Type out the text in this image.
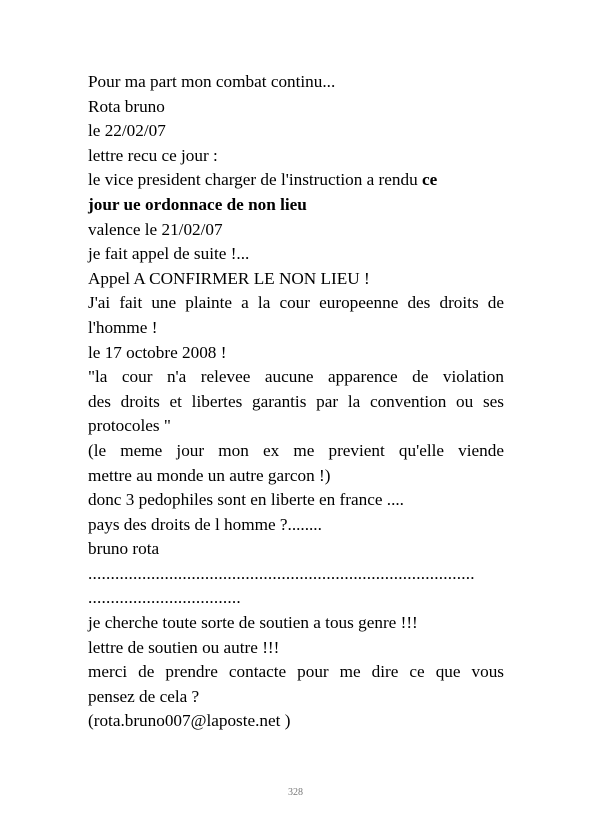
Pour ma part mon combat continu...
Rota bruno
le 22/02/07
lettre recu ce jour :
le vice president charger de l'instruction a rendu ce
jour ue ordonnace de non lieu
valence le 21/02/07
je fait appel de suite !...
Appel A CONFIRMER LE NON LIEU !
J'ai fait une plainte a la cour europeenne des droits de
l'homme !
le 17 octobre 2008 !
"la cour n'a relevee aucune apparence de violation
des droits et libertes garantis par la convention ou ses
protocoles "
(le meme jour mon ex me previent qu'elle viende
mettre au monde un autre garcon !)
donc 3 pedophiles sont en liberte en france ....
pays des droits de l homme ?........
bruno rota
......................................................................................
..................................
je cherche toute sorte de soutien a tous genre !!!
lettre de soutien ou autre !!!
merci de prendre contacte pour me dire ce que vous
pensez de cela ?
(rota.bruno007@laposte.net )
328
